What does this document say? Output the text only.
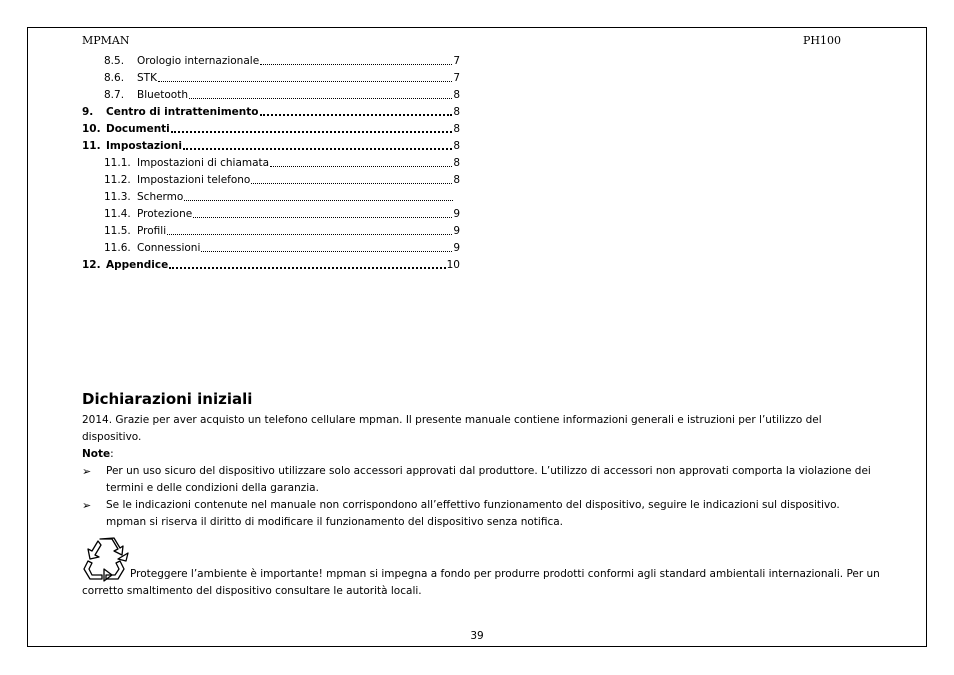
MPMAN	PH100
8.5.	Orologio internazionale	7
8.6.	STK	7
8.7.	Bluetooth	8
9.	Centro di intrattenimento	8
10. Documenti	8
11. Impostazioni	8
11.1. Impostazioni di chiamata	8
11.2. Impostazioni telefono	8
11.3. Schermo
11.4. Protezione	9
11.5. Profili	9
11.6. Connessioni	9
12. Appendice	10
Dichiarazioni iniziali

2014. Grazie per aver acquisto un telefono cellulare mpman. Il presente manuale contiene informazioni generali e istruzioni per l’utilizzo del dispositivo.

Note:

➢ Per un uso sicuro del dispositivo utilizzare solo accessori approvati dal produttore. L’utilizzo di accessori non approvati comporta la violazione dei termini e delle condizioni della garanzia.
➢ Se le indicazioni contenute nel manuale non corrispondono all’effettivo funzionamento del dispositivo, seguire le indicazioni sul dispositivo. mpman si riserva il diritto di modificare il funzionamento del dispositivo senza notifica.
Proteggere l’ambiente è importante! mpman si impegna a fondo per produrre prodotti conformi agli standard ambientali internazionali. Per un corretto smaltimento del dispositivo consultare le autorità locali.
39
